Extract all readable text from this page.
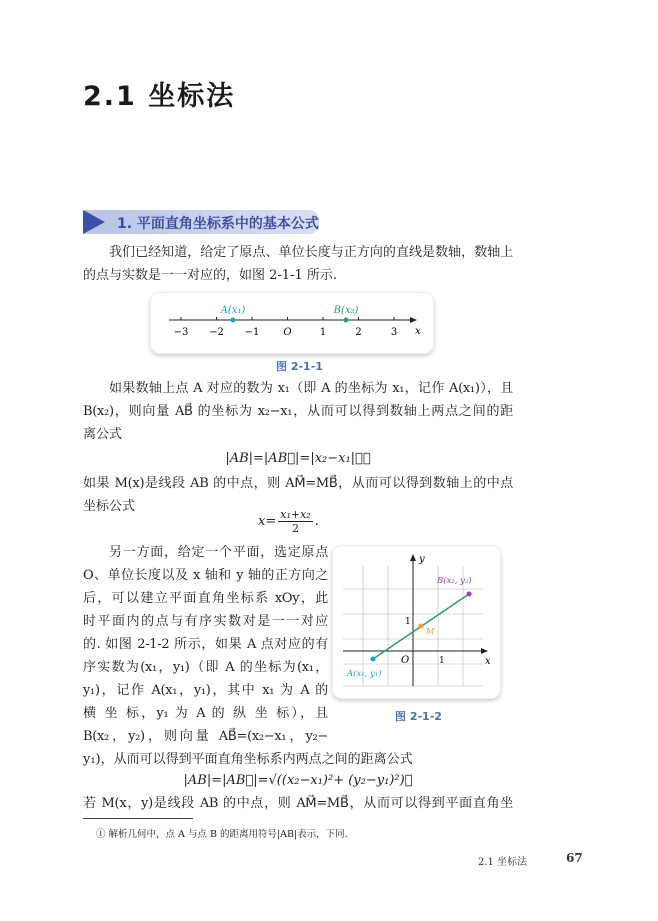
2.1 坐标法
1. 平面直角坐标系中的基本公式
我们已经知道，给定了原点、单位长度与正方向的直线是数轴，数轴上
的点与实数是一一对应的，如图 2-1-1 所示.
−3 −2 −1 O	1	2	3 x
A(x₁)	B(x₂)
图 2-1-1
如果数轴上点 A 对应的数为 x₁（即 A 的坐标为 x₁，记作 A(x₁)），且
B(x₂)，则向量 AB⃗ 的坐标为 x₂−x₁，从而可以得到数轴上两点之间的距
离公式
|AB|=|AB⃗|=|x₂−x₁|；①
如果 M(x)是线段 AB 的中点，则 AM⃗=MB⃗，从而可以得到数轴上的中点
坐标公式
$x= \frac{\text{x₁+x₂}}{2}$ .
另一方面，给定一个平面，选定原点
O、单位长度以及 x 轴和 y 轴的正方向之
后，可以建立平面直角坐标系 xOy，此
时平面内的点与有序实数对是一一对应
的. 如图 2-1-2 所示，如果 A 点对应的有
序实数为(x₁，y₁)（即 A 的坐标为(x₁，
y₁)，记作 A(x₁，y₁)，其中 x₁ 为 A 的
横 坐 标，y₁ 为 A 的 纵 坐 标），且
B(x₂，y₂)，则向量 AB⃗=(x₂−x₁，y₂−
y₁)，从而可以得到平面直角坐标系内两点之间的距离公式
x
y
O	1
1
A(x₁, y₁)
B(x₂, y₂)
M
图 2-1-2
|AB|=|AB⃗|=√((x₂−x₁)²+ (y₂−y₁)²)；
若 M(x，y)是线段 AB 的中点，则 AM⃗=MB⃗，从而可以得到平面直角坐
① 解析几何中，点 A 与点 B 的距离用符号|AB|表示，下同.
2.1 坐标法	67
